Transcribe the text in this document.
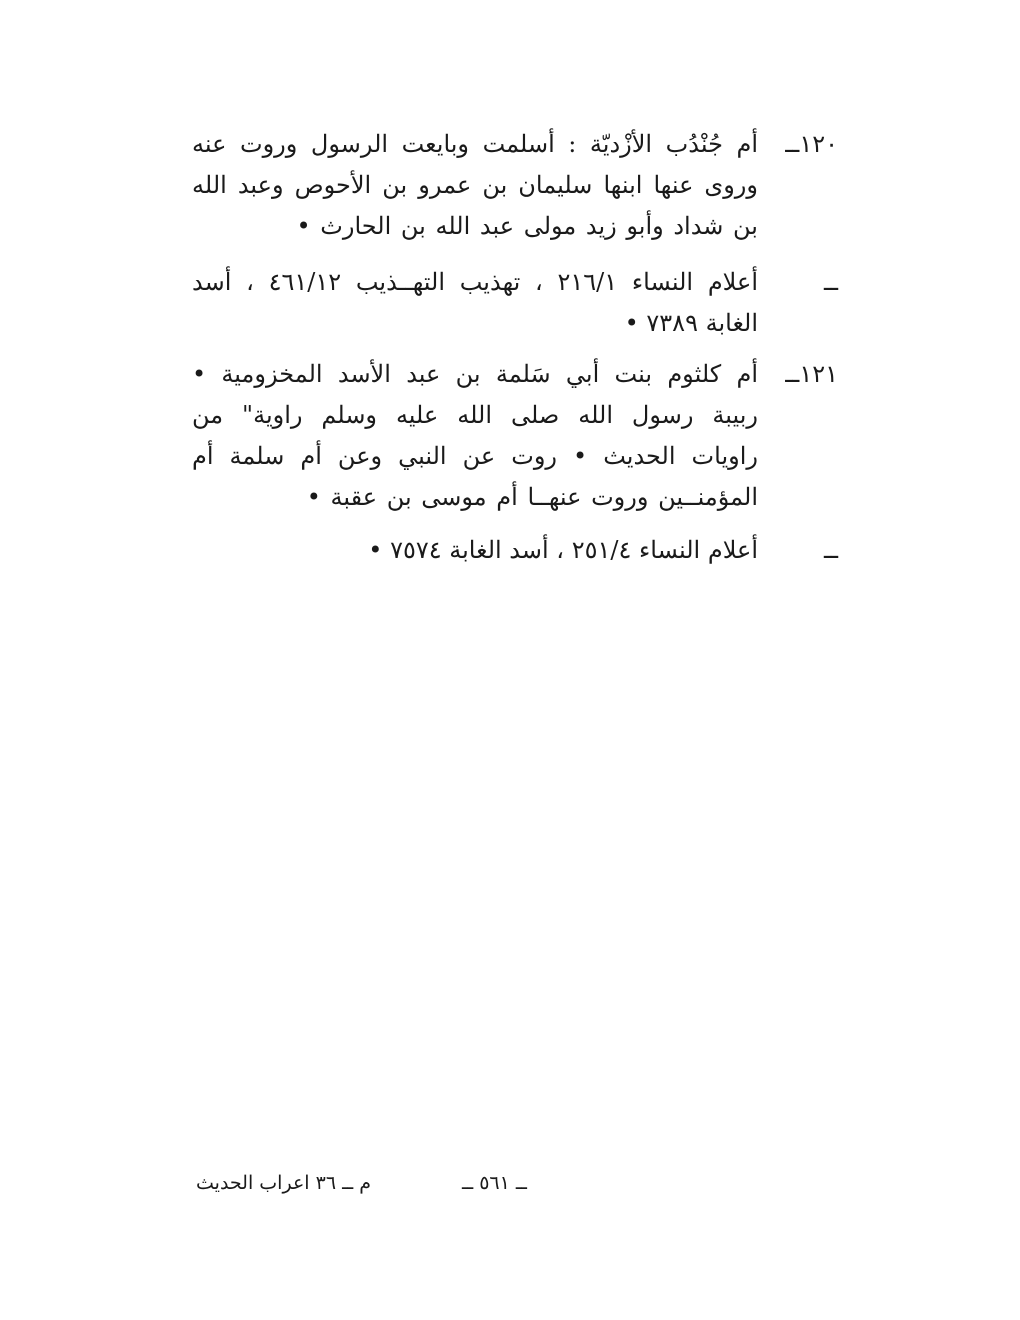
١٢٠ــ
أم جُنْدُب الأزْديّة : أسلمت وبايعت الرسول وروت عنه وروى عنها ابنها سليمان بن عمرو بن الأحوص وعبد الله بن شداد وأبو زيد مولى عبد الله بن الحارث •
ــ
أعلام النساء ٢١٦/١ ، تهذيب التهــذيب ٤٦١/١٢ ، أسد الغابة ٧٣٨٩ •
١٢١ــ
أم كلثوم بنت أبي سَلمة بن عبد الأسد المخزومية • ربيبة رسول الله صلى الله عليه وسلم راوية" من راويات الحديث • روت عن النبي وعن أم سلمة أم المؤمنــين وروت عنهــا أم موسى بن عقبة •
ــ
أعلام النساء ٢٥١/٤ ، أسد الغابة ٧٥٧٤ •
ــ ٥٦١ ــ
م ــ ٣٦ اعراب الحديث
